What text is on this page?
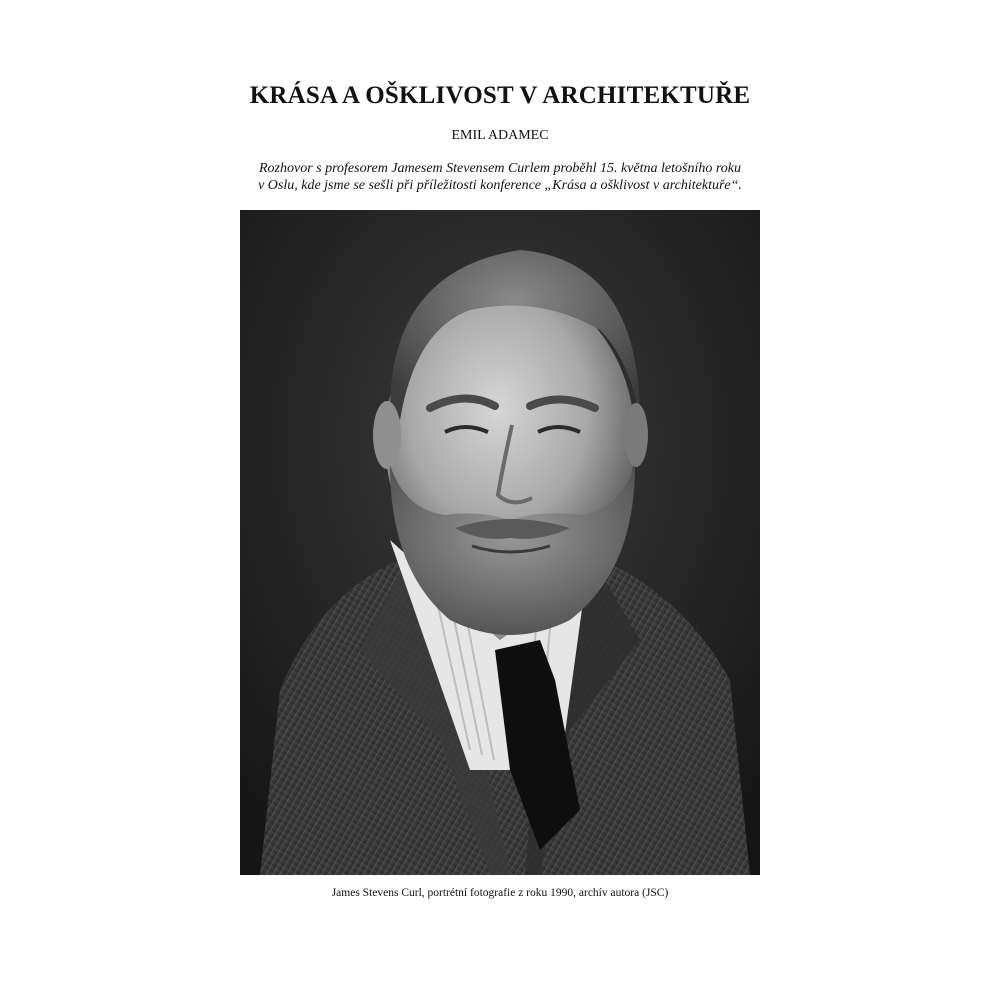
KRÁSA A OŠKLIVOST V ARCHITEKTUŘE

EMIL ADAMEC

Rozhovor s profesorem Jamesem Stevensem Curlem proběhl 15. května letošního roku
v Oslu, kde jsme se sešli při příležitosti konference „Krása a ošklivost v architektuře“.

James Stevens Curl, portrétní fotografie z roku 1990, archív autora (JSC)
